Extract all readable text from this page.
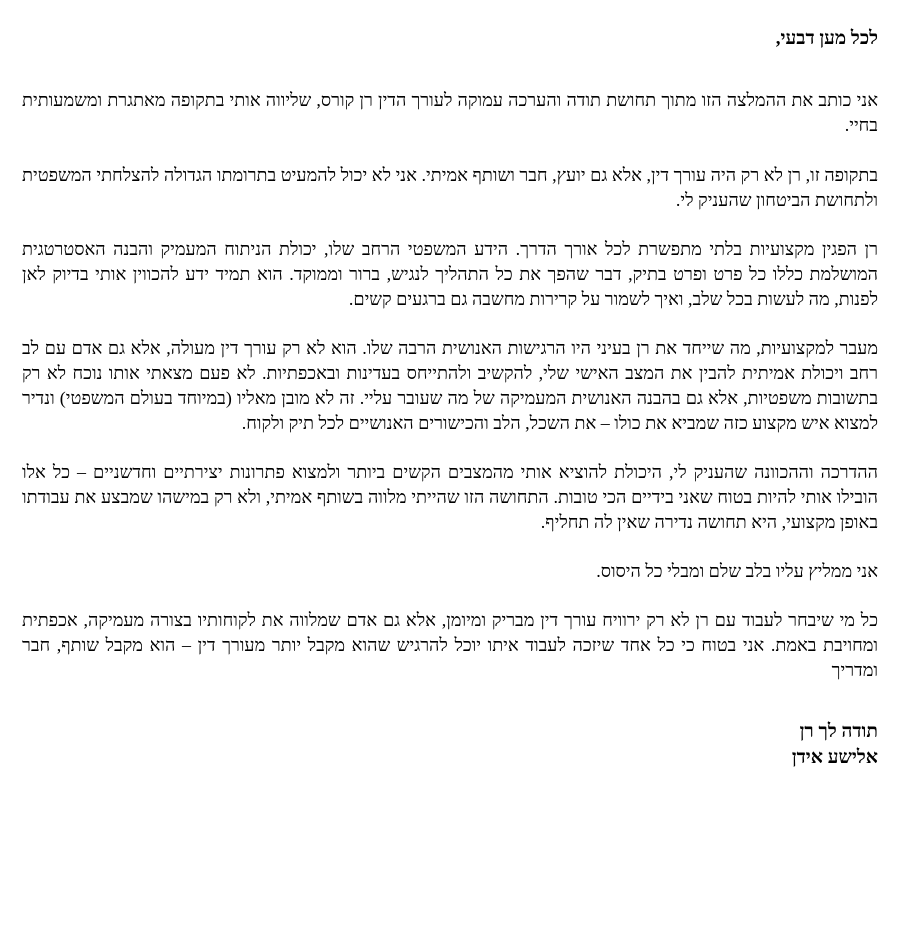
לכל מען דבעי,

אני כותב את ההמלצה הזו מתוך תחושת תודה והערכה עמוקה לעורך הדין רן קורס, שליווה אותי בתקופה מאתגרת ומשמעותית בחיי.

בתקופה זו, רן לא רק היה עורך דין, אלא גם יועץ, חבר ושותף אמיתי. אני לא יכול להמעיט בתרומתו הגדולה להצלחתי המשפטית ולתחושת הביטחון שהעניק לי.

רן הפגין מקצועיות בלתי מתפשרת לכל אורך הדרך. הידע המשפטי הרחב שלו, יכולת הניתוח המעמיק והבנה האסטרטגית המושלמת כללו כל פרט ופרט בתיק, דבר שהפך את כל התהליך לנגיש, ברור וממוקד. הוא תמיד ידע להכווין אותי בדיוק לאן לפנות, מה לעשות בכל שלב, ואיך לשמור על קרירות מחשבה גם ברגעים קשים.

מעבר למקצועיות, מה שייחד את רן בעיני היו הרגישות האנושית הרבה שלו. הוא לא רק עורך דין מעולה, אלא גם אדם עם לב רחב ויכולת אמיתית להבין את המצב האישי שלי, להקשיב ולהתייחס בעדינות ובאכפתיות. לא פעם מצאתי אותו נוכח לא רק בתשובות משפטיות, אלא גם בהבנה האנושית המעמיקה של מה שעובר עליי. זה לא מובן מאליו (במיוחד בעולם המשפטי) ונדיר למצוא איש מקצוע כזה שמביא את כולו – את השכל, הלב והכישורים האנושיים לכל תיק ולקוח.

ההדרכה וההכוונה שהעניק לי, היכולת להוציא אותי מהמצבים הקשים ביותר ולמצוא פתרונות יצירתיים וחדשניים – כל אלו הובילו אותי להיות בטוח שאני בידיים הכי טובות. התחושה הזו שהייתי מלווה בשותף אמיתי, ולא רק במישהו שמבצע את עבודתו באופן מקצועי, היא תחושה נדירה שאין לה תחליף.

אני ממליץ עליו בלב שלם ומבלי כל היסוס.

כל מי שיבחר לעבוד עם רן לא רק ירוויח עורך דין מבריק ומיומן, אלא גם אדם שמלווה את לקוחותיו בצורה מעמיקה, אכפתית ומחויבת באמת. אני בטוח כי כל אחד שיזכה לעבוד איתו יוכל להרגיש שהוא מקבל יותר מעורך דין – הוא מקבל שותף, חבר ומדריך

תודה לך רן

אלישע אידן
